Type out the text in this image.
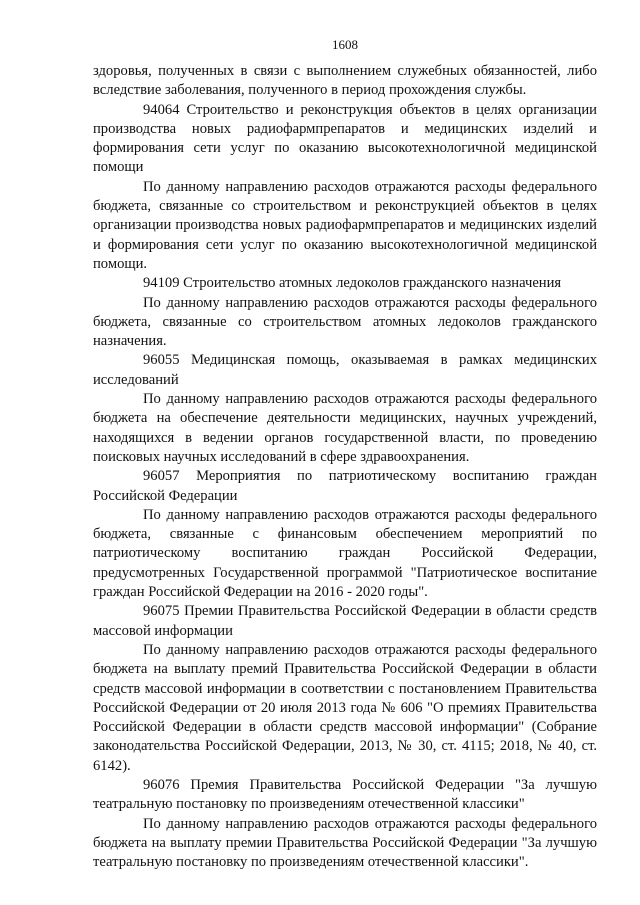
1608

здоровья, полученных в связи с выполнением служебных обязанностей, либо вследствие заболевания, полученного в период прохождения службы.

94064 Строительство и реконструкция объектов в целях организации производства новых радиофармпрепаратов и медицинских изделий и формирования сети услуг по оказанию высокотехнологичной медицинской помощи

По данному направлению расходов отражаются расходы федерального бюджета, связанные со строительством и реконструкцией объектов в целях организации производства новых радиофармпрепаратов и медицинских изделий и формирования сети услуг по оказанию высокотехнологичной медицинской помощи.

94109 Строительство атомных ледоколов гражданского назначения

По данному направлению расходов отражаются расходы федерального бюджета, связанные со строительством атомных ледоколов гражданского назначения.

96055 Медицинская помощь, оказываемая в рамках медицинских исследований

По данному направлению расходов отражаются расходы федерального бюджета на обеспечение деятельности медицинских, научных учреждений, находящихся в ведении органов государственной власти, по проведению поисковых научных исследований в сфере здравоохранения.

96057 Мероприятия по патриотическому воспитанию граждан Российской Федерации

По данному направлению расходов отражаются расходы федерального бюджета, связанные с финансовым обеспечением мероприятий по патриотическому воспитанию граждан Российской Федерации, предусмотренных Государственной программой "Патриотическое воспитание граждан Российской Федерации на 2016 - 2020 годы".

96075 Премии Правительства Российской Федерации в области средств массовой информации

По данному направлению расходов отражаются расходы федерального бюджета на выплату премий Правительства Российской Федерации в области средств массовой информации в соответствии с постановлением Правительства Российской Федерации от 20 июля 2013 года № 606 "О премиях Правительства Российской Федерации в области средств массовой информации" (Собрание законодательства Российской Федерации, 2013, № 30, ст. 4115; 2018, № 40, ст. 6142).

96076 Премия Правительства Российской Федерации "За лучшую театральную постановку по произведениям отечественной классики"

По данному направлению расходов отражаются расходы федерального бюджета на выплату премии Правительства Российской Федерации "За лучшую театральную постановку по произведениям отечественной классики".
